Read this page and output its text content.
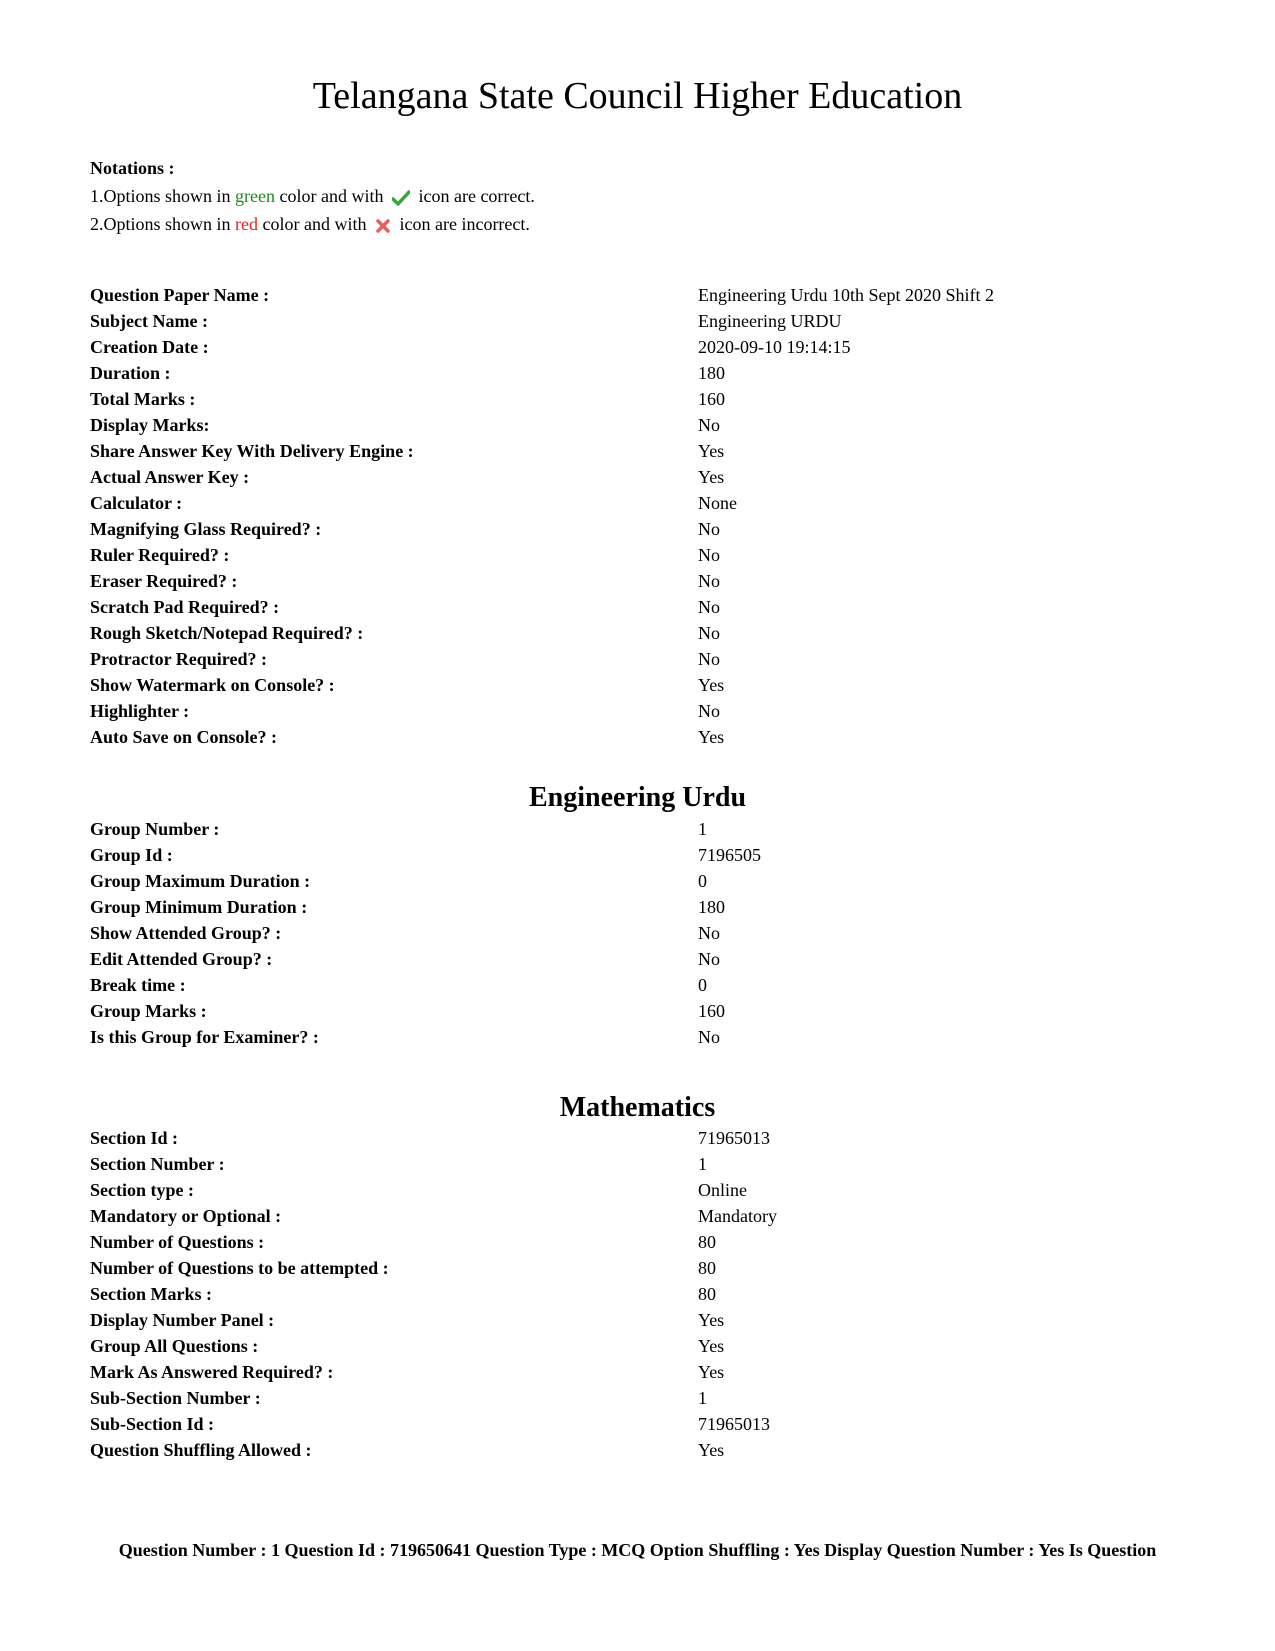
Telangana State Council Higher Education
Notations :
1.Options shown in green color and with  icon are correct.
2.Options shown in red color and with  icon are incorrect.
Question Paper Name :	Engineering Urdu 10th Sept 2020 Shift 2
Subject Name :	Engineering URDU
Creation Date :	2020-09-10 19:14:15
Duration :	180
Total Marks :	160
Display Marks:	No
Share Answer Key With Delivery Engine :	Yes
Actual Answer Key :	Yes
Calculator :	None
Magnifying Glass Required? :	No
Ruler Required? :	No
Eraser Required? :	No
Scratch Pad Required? :	No
Rough Sketch/Notepad Required? :	No
Protractor Required? :	No
Show Watermark on Console? :	Yes
Highlighter :	No
Auto Save on Console? :	Yes
Engineering Urdu
Group Number :	1
Group Id :	7196505
Group Maximum Duration :	0
Group Minimum Duration :	180
Show Attended Group? :	No
Edit Attended Group? :	No
Break time :	0
Group Marks :	160
Is this Group for Examiner? :	No
Mathematics
Section Id :	71965013
Section Number :	1
Section type :	Online
Mandatory or Optional :	Mandatory
Number of Questions :	80
Number of Questions to be attempted :	80
Section Marks :	80
Display Number Panel :	Yes
Group All Questions :	Yes
Mark As Answered Required? :	Yes
Sub-Section Number :	1
Sub-Section Id :	71965013
Question Shuffling Allowed :	Yes
Question Number : 1 Question Id : 719650641 Question Type : MCQ Option Shuffling : Yes Display Question Number : Yes Is Question
